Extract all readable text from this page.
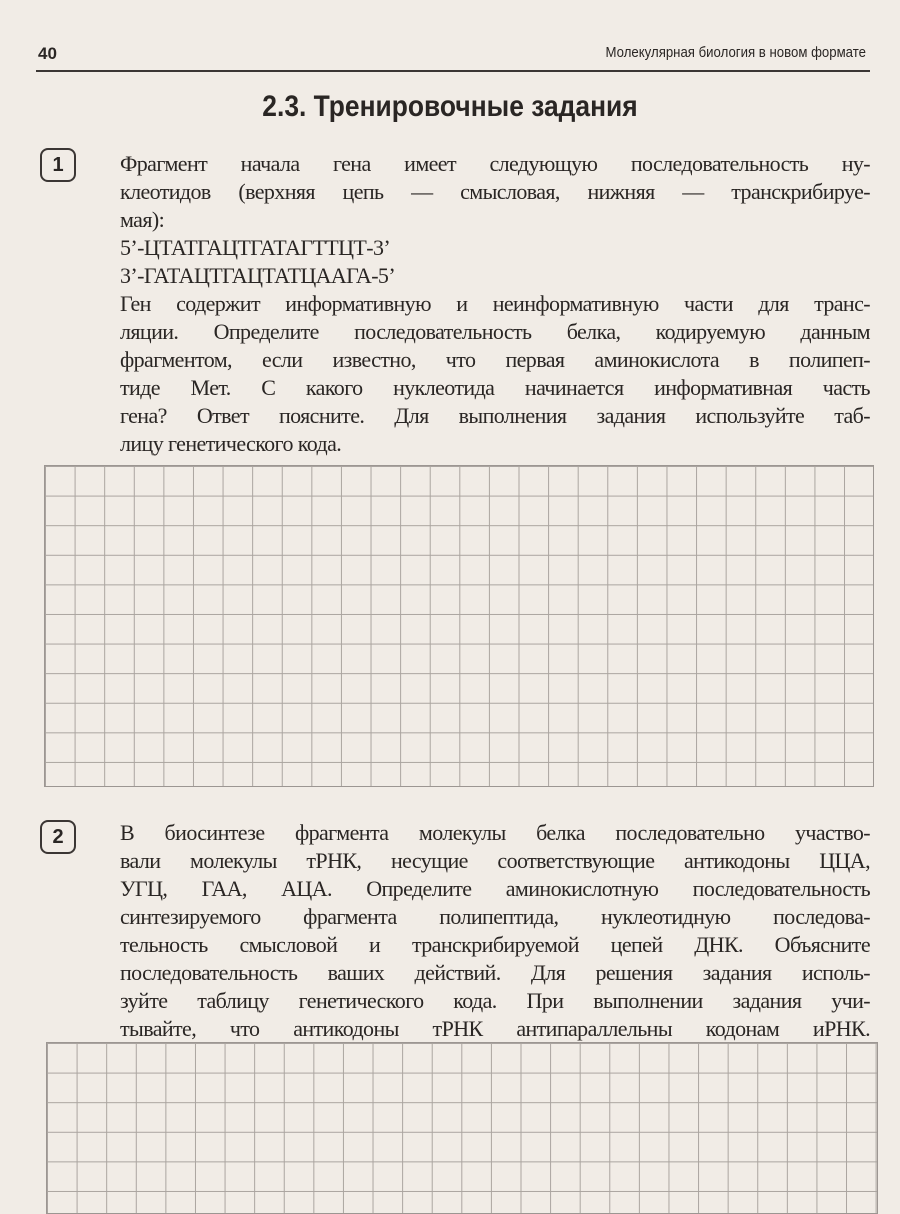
40	Молекулярная биология в новом формате
2.3. Тренировочные задания
1	Фрагмент начала гена имеет следующую последовательность ну-
клеотидов (верхняя цепь — смысловая, нижняя — транскрибируе-
мая):
5’-ЦТАТГАЦТГАТАГТТЦТ-3’
3’-ГАТАЦТГАЦТАТЦААГА-5’
Ген содержит информативную и неинформативную части для транс-
ляции. Определите последовательность белка, кодируемую данным
фрагментом, если известно, что первая аминокислота в полипеп-
тиде Мет. С какого нуклеотида начинается информативная часть
гена? Ответ поясните. Для выполнения задания используйте таб-
лицу генетического кода.
2	В биосинтезе фрагмента молекулы белка последовательно участво-
вали молекулы тРНК, несущие соответствующие антикодоны ЦЦА,
УГЦ, ГАА, АЦА. Определите аминокислотную последовательность
синтезируемого фрагмента полипептида, нуклеотидную последова-
тельность смысловой и транскрибируемой цепей ДНК. Объясните
последовательность ваших действий. Для решения задания исполь-
зуйте таблицу генетического кода. При выполнении задания учи-
тывайте, что антикодоны тРНК антипараллельны кодонам иРНК.
